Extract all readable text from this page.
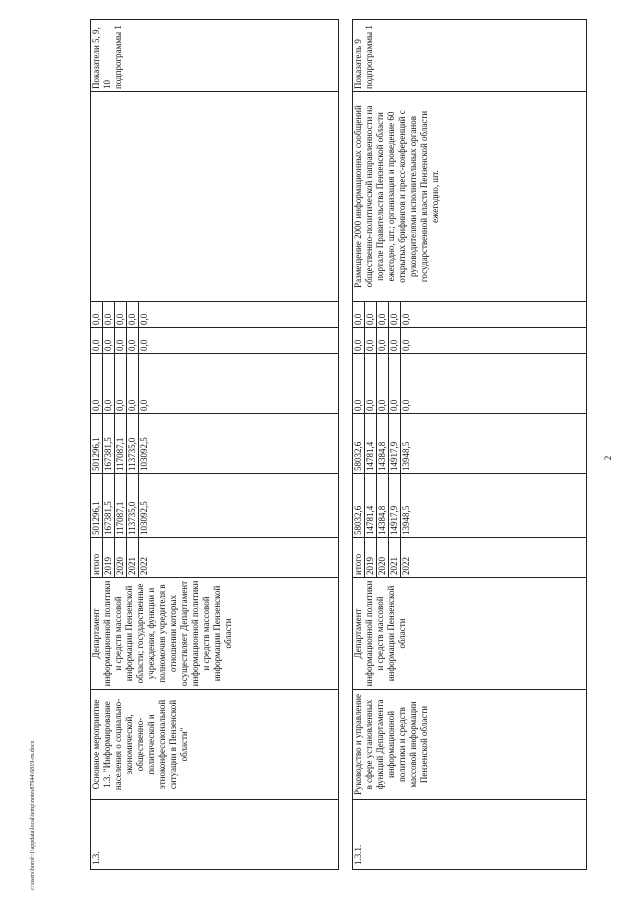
2
1.3.	Основное мероприятие 1.3. "Информирование населения о социально-экономической, общественно-политической и этноконфессиональной ситуации в Пензенской области"	Департамент информационной политики и средств массовой информации Пензенской области; государственные учреждения, функции и полномочия учредителя в отношении которых осуществляет Департамент информационной политики и средств массовой информации Пензенской области	итого	501296,1	501296,1	0,0	0,0	0,0		Показатели 5, 9, 10 подпрограммы 1
			2019	167381,5	167381,5	0,0	0,0	0,0		
			2020	117087,1	117087,1	0,0	0,0	0,0		
			2021	113735,0	113735,0	0,0	0,0	0,0		
			2022	103092,5	103092,5	0,0	0,0	0,0		
1.3.1.	Руководство и управление в сфере установленных функций Департамента информационной политики и средств массовой информации Пензенской области	Департамент информационной политики и средств массовой информации Пензенской области	итого	58032,6	58032,6	0,0	0,0	0,0	Размещение 2000 информационных сообщений общественно-политической направленности на портале Правительства Пензенской области ежегодно, шт.; организация и проведение 60 открытых брифингов и пресс-конференций с руководителями исполнительных органов государственной власти Пензенской области ежегодно, шт.	Показатель 9 подпрограммы 1
			2019	14781,4	14781,4	0,0	0,0	0,0		
			2020	14384,8	14384,8	0,0	0,0	0,0		
			2021	14917,9	14917,9	0,0	0,0	0,0		
			2022	13948,5	13948,5	0,0	0,0	0,0		
c:\users\borol~1\appdata\local\temp\notes87944\6819-rn.docx
